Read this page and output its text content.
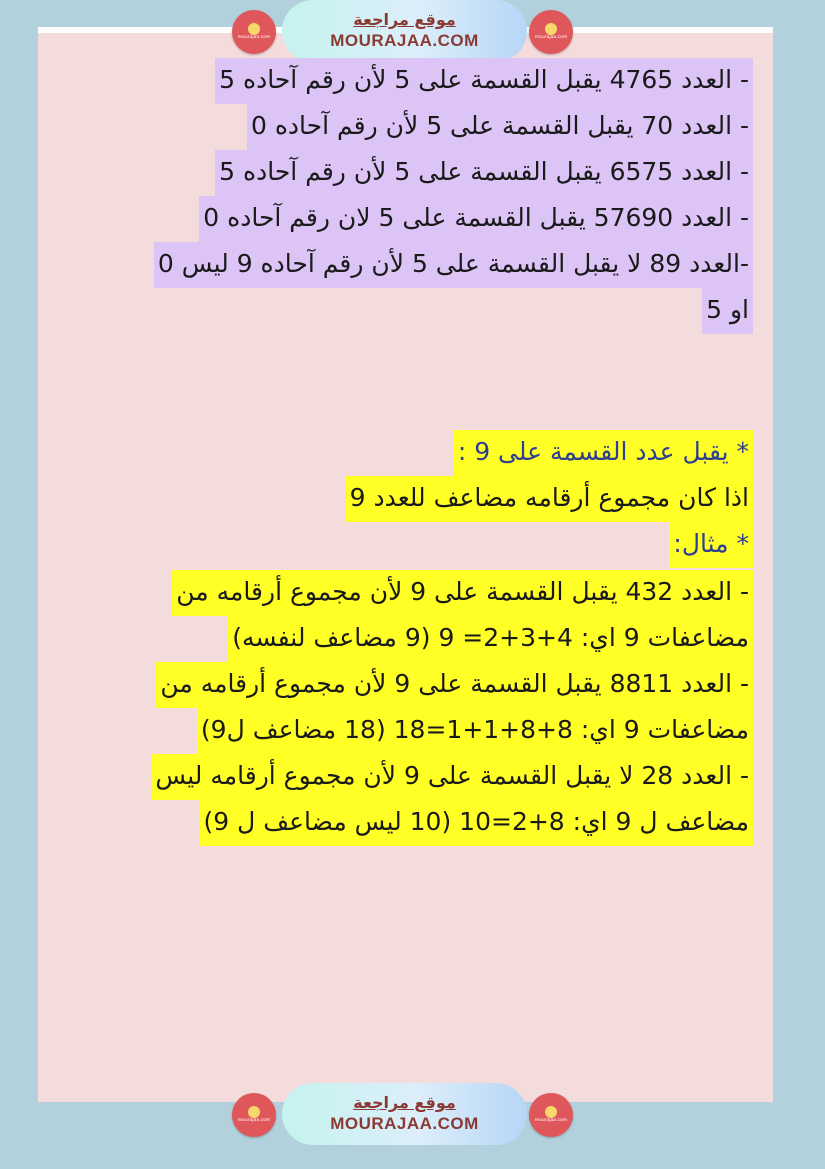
mourajaa.com
موقع مراجعة
MOURAJAA.COM	mourajaa.com
- العدد 4765 يقبل القسمة على 5 لأن رقم آحاده 5
- العدد 70 يقبل القسمة على 5 لأن رقم آحاده 0
- العدد 6575 يقبل القسمة على 5 لأن رقم آحاده 5
- العدد 57690 يقبل القسمة على 5 لان رقم آحاده 0
-العدد 89 لا يقبل القسمة على 5 لأن رقم آحاده 9 ليس 0
او 5
* يقبل عدد القسمة على 9 :
اذا كان مجموع أرقامه مضاعف للعدد 9
* مثال:
- العدد 432 يقبل القسمة على 9 لأن مجموع أرقامه من
مضاعفات 9 اي: 4+3+2= 9 (9 مضاعف لنفسه)
- العدد 8811 يقبل القسمة على 9 لأن مجموع أرقامه من
مضاعفات 9 اي: 8+8+1+1=18 (18 مضاعف ل9)
- العدد 28 لا يقبل القسمة على 9 لأن مجموع أرقامه ليس
مضاعف ل 9 اي: 8+2=10 (10 ليس مضاعف ل 9)
mourajaa.com
موقع مراجعة
MOURAJAA.COM	mourajaa.com
